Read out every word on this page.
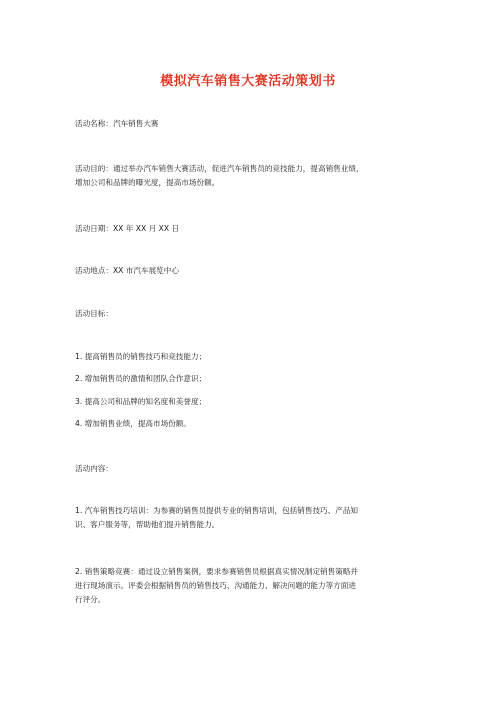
模拟汽车销售大赛活动策划书
活动名称：汽车销售大赛
活动目的：通过举办汽车销售大赛活动，促进汽车销售员的竞技能力，提高销售业绩，
增加公司和品牌的曝光度，提高市场份额。
活动日期：XX 年 XX 月 XX 日
活动地点：XX 市汽车展览中心
活动目标：
1. 提高销售员的销售技巧和竞技能力；
2. 增加销售员的激情和团队合作意识；
3. 提高公司和品牌的知名度和美誉度；
4. 增加销售业绩，提高市场份额。
活动内容：
1. 汽车销售技巧培训：为参赛的销售员提供专业的销售培训，包括销售技巧、产品知
识、客户服务等，帮助他们提升销售能力。
2. 销售策略竞赛：通过设立销售案例，要求参赛销售员根据真实情况制定销售策略并
进行现场演示。评委会根据销售员的销售技巧、沟通能力、解决问题的能力等方面进
行评分。
